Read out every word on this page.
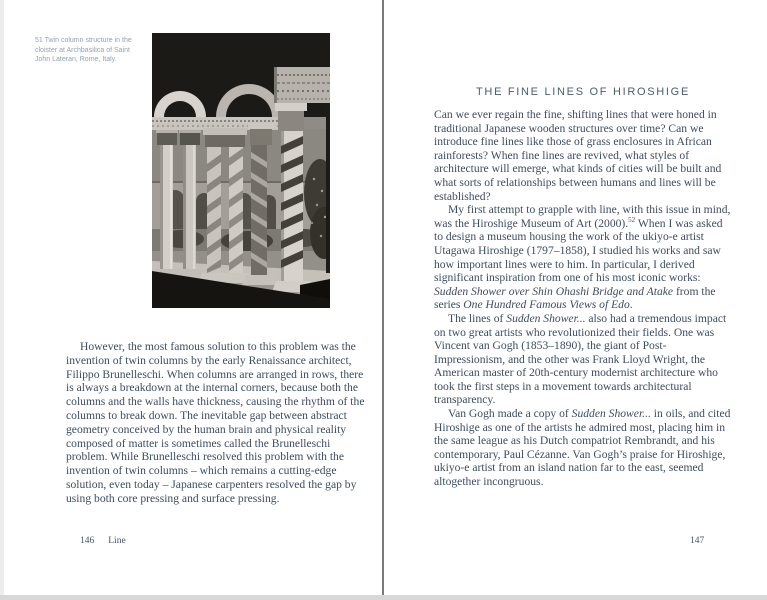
51 Twin column structure in the cloister at Archbasilica of Saint John Lateran, Rome, Italy.

However, the most famous solution to this problem was the invention of twin columns by the early Renaissance architect, Filippo Brunelleschi. When columns are arranged in rows, there is always a breakdown at the internal corners, because both the columns and the walls have thickness, causing the rhythm of the columns to break down. The inevitable gap between abstract geometry conceived by the human brain and physical reality composed of matter is sometimes called the Brunelleschi problem. While Brunelleschi resolved this problem with the invention of twin columns – which remains a cutting-edge solution, even today – Japanese carpenters resolved the gap by using both core pressing and surface pressing.

146 Line
THE FINE LINES OF HIROSHIGE

Can we ever regain the fine, shifting lines that were honed in traditional Japanese wooden structures over time? Can we introduce fine lines like those of grass enclosures in African rainforests? When fine lines are revived, what styles of architecture will emerge, what kinds of cities will be built and what sorts of relationships between humans and lines will be established?

My first attempt to grapple with line, with this issue in mind, was the Hiroshige Museum of Art (2000).$^{52}$ When I was asked to design a museum housing the work of the ukiyo-e artist Utagawa Hiroshige (1797–1858), I studied his works and saw how important lines were to him. In particular, I derived significant inspiration from one of his most iconic works: Sudden Shower over Shin Ohashi Bridge and Atake from the series One Hundred Famous Views of Edo.

The lines of Sudden Shower... also had a tremendous impact on two great artists who revolutionized their fields. One was Vincent van Gogh (1853–1890), the giant of Post-Impressionism, and the other was Frank Lloyd Wright, the American master of 20th-century modernist architecture who took the first steps in a movement towards architectural transparency.

Van Gogh made a copy of Sudden Shower... in oils, and cited Hiroshige as one of the artists he admired most, placing him in the same league as his Dutch compatriot Rembrandt, and his contemporary, Paul Cézanne. Van Gogh’s praise for Hiroshige, ukiyo-e artist from an island nation far to the east, seemed altogether incongruous.

147
